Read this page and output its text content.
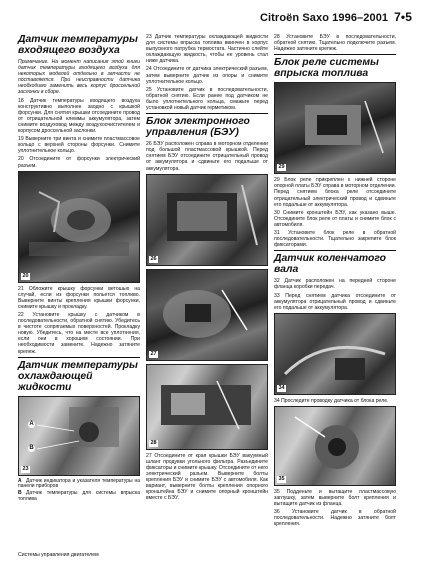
Citroën Saxo 1996–2001 7•5
Датчик температуры входящего воздуха

Примечание. На момент написания этой книги датчик температуры входящего воздуха для некоторых моделей отдельно в запчасти не поставляется. При неисправности датчика необходимо заменить весь корпус дроссельной заслонки в сборе.

18 Датчик температуры входящего воздуха конструктивно выполнен заодно с крышкой форсунки. Для снятия крышки отсоедините провод от отрицательной клеммы аккумулятора, затем снимите воздуховод между воздухоочистителем и корпусом дроссельной заслонки.

19 Выверните три винта и снимите пластмассовое кольцо с верхней стороны форсунки. Снимите уплотнительное кольцо.

20 Отсоедините от форсунки электрический разъем.

20

21 Обложите крышку форсунки ветошью на случай, если из форсунки польется топливо. Выверните винты крепления крышки форсунки, снимите крышку и прокладку.

22 Установите крышку с датчиком в последовательности, обратной снятию. Убедитесь в чистоте сопрягаемых поверхностей. Прокладку новую. Убедитесь, что на месте все уплотнения, если они в хорошем состоянии. При необходимости замените. Надежно затяните крепеж.

Датчик температуры охлаждающей жидкости
A
B
23

A Датчик индикатора и указателя температуры на панели приборов

B Датчик температуры для системы впрыска топлива

23 Датчик температуры охлаждающей жидкости для системы впрыска топлива ввинчен в корпус выпускного патрубка термостата. Частично слейте охлаждающую жидкость, чтобы ее уровень стал ниже датчика.

24 Отсоедините от датчика электрический разъем, затем выверните датчик из опоры и снимите уплотнительное кольцо.

25 Установите датчик в последовательности, обратной снятию. Если ранее под датчиком не было уплотнительного кольца, смажьте перед установкой новый датчик герметиком.

Блок электронного управления (БЭУ)

26 БЭУ расположен справа в моторном отделении под большой пластмассовой крышкой. Перед снятием БЭУ отсоедините отрицательный провод от аккумулятора и сдвиньте его подальше от аккумулятора.

26
27
28

27 Отсоедините от края крышки БЭУ вакуумный шланг продувки угольного фильтра. Разъедините фиксаторы и снимите крышку. Отсоедините от него электрический разъем. Выверните болты крепления БЭУ и снимите БЭУ с автомобиля. Как вариант, выверните болты крепления опорного кронштейна БЭУ и снимите опорный кронштейн вместе с БЭУ.

28 Установите БЭУ в последовательности, обратной снятию. Тщательно подключите разъем. Надежно затяните крепеж.

Блок реле системы впрыска топлива
29

29 Блок реле прикреплен к нижней стороне опорной платы БЭУ справа в моторном отделении. Перед снятием блока реле отсоедините отрицательный электрический провод и сдвиньте его подальше от аккумулятора.

30 Снимите кронштейн БЭУ, как указано выше. Отсоедините блок реле от платы и снимите блок с автомобиля.

31 Установите блок реле в обратной последовательности. Тщательно закрепите блок фиксаторами.

Датчик коленчатого вала

32 Датчик расположен на передней стороне фланца коробки передач.

33 Перед снятием датчика отсоедините от аккумулятора отрицательный провод и сдвиньте его подальше от аккумулятора.

34

34 Проследите проводку датчика от блока реле.

35

35 Подденьте и вытащите пластмассовую заглушку, затем выверните болт крепления и вытащите датчик из фланца.

36 Установите датчик в обратной последовательности. Надежно затяните болт крепления.

Системы управления двигателем
